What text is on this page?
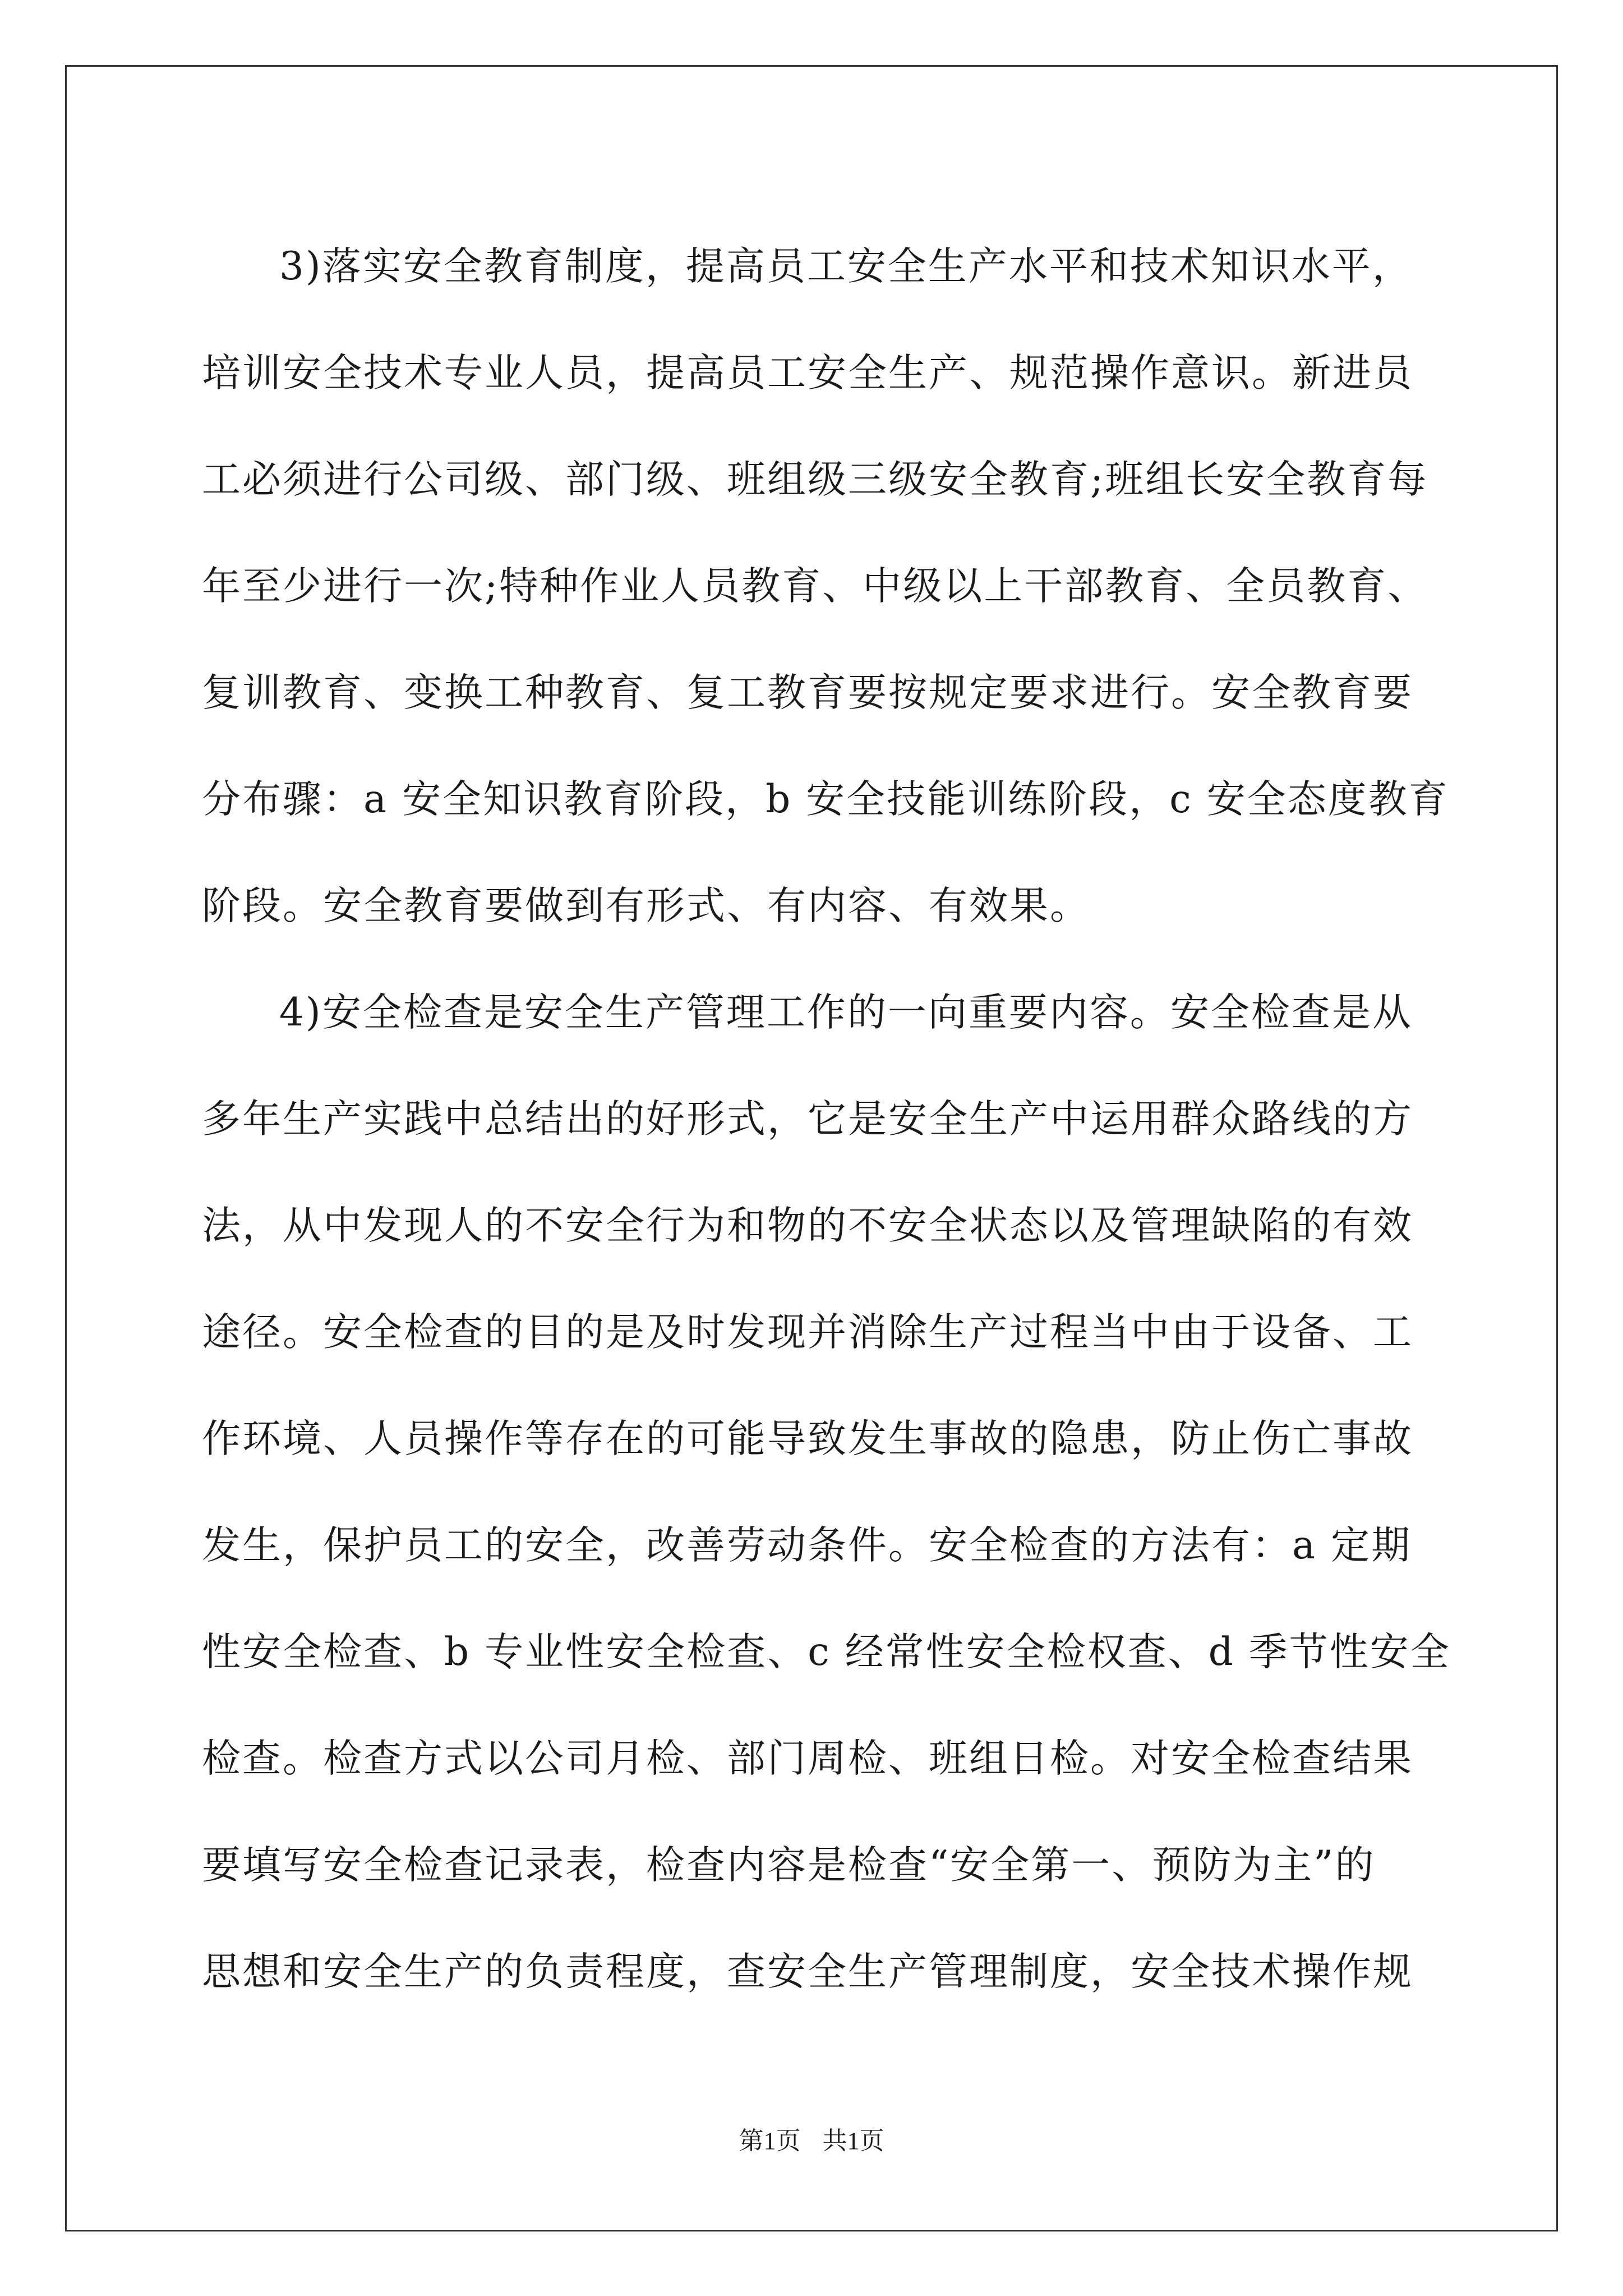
3)落实安全教育制度，提高员工安全生产水平和技术知识水平，
培训安全技术专业人员，提高员工安全生产、规范操作意识。新进员
工必须进行公司级、部门级、班组级三级安全教育;班组长安全教育每
年至少进行一次;特种作业人员教育、中级以上干部教育、全员教育、
复训教育、变换工种教育、复工教育要按规定要求进行。安全教育要
分布骤：a 安全知识教育阶段，b 安全技能训练阶段，c 安全态度教育
阶段。安全教育要做到有形式、有内容、有效果。
4)安全检查是安全生产管理工作的一向重要内容。安全检查是从
多年生产实践中总结出的好形式，它是安全生产中运用群众路线的方
法，从中发现人的不安全行为和物的不安全状态以及管理缺陷的有效
途径。安全检查的目的是及时发现并消除生产过程当中由于设备、工
作环境、人员操作等存在的可能导致发生事故的隐患，防止伤亡事故
发生，保护员工的安全，改善劳动条件。安全检查的方法有：a 定期
性安全检查、b 专业性安全检查、c 经常性安全检权查、d 季节性安全
检查。检查方式以公司月检、部门周检、班组日检。对安全检查结果
要填写安全检查记录表，检查内容是检查“安全第一、预防为主”的
思想和安全生产的负责程度，查安全生产管理制度，安全技术操作规
第1页 共1页
